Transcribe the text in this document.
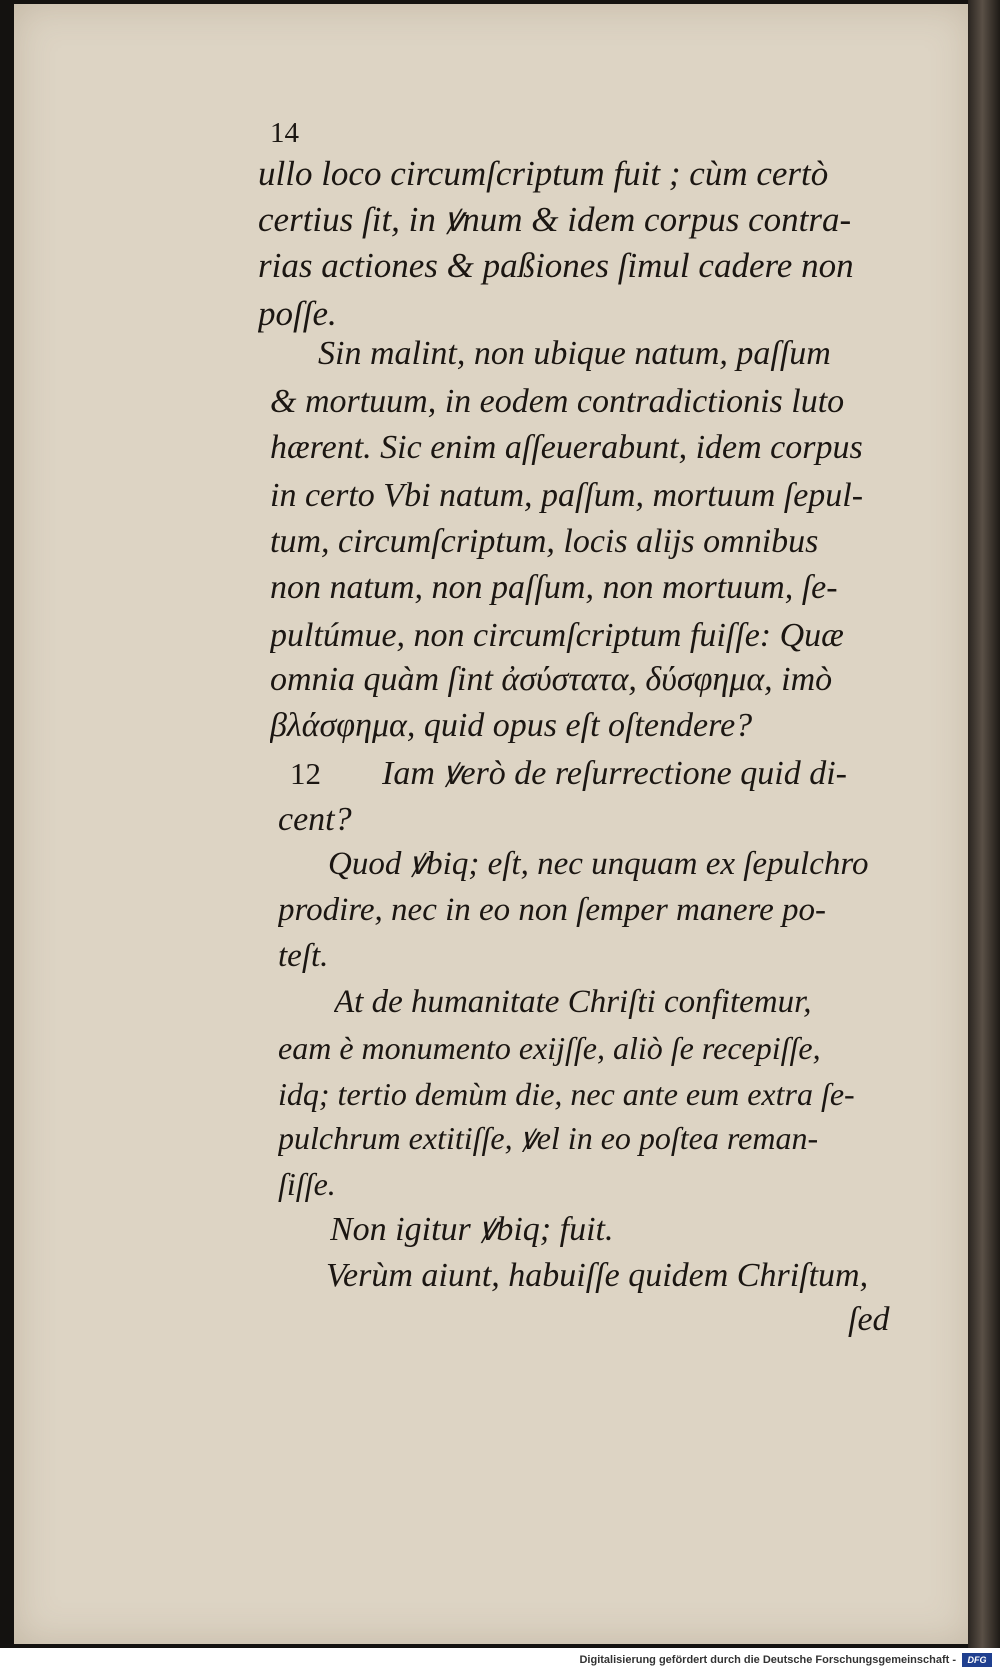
14
ullo loco circumſcriptum fuit ; cùm certò
certius ſit, in ꝟnum & idem corpus contra-
rias actiones & paßiones ſimul cadere non
poſſe.
Sin malint, non ubique natum, paſſum
& mortuum, in eodem contradictionis luto
hærent. Sic enim aſſeuerabunt, idem corpus
in certo Vbi natum, paſſum, mortuum ſepul-
tum, circumſcriptum, locis alijs omnibus
non natum, non paſſum, non mortuum, ſe-
pultúmue, non circumſcriptum fuiſſe: Quæ
omnia quàm ſint ἀσύστατα, δύσφημα, imò
βλάσφημα, quid opus eſt oſtendere?
Iam ꝟerò de reſurrectione quid di-
cent?
Quod ꝟbiq; eſt, nec unquam ex ſepulchro
prodire, nec in eo non ſemper manere po-
teſt.
At de humanitate Chriſti confitemur,
eam è monumento exijſſe, aliò ſe recepiſſe,
idq; tertio demùm die, nec ante eum extra ſe-
pulchrum extitiſſe, ꝟel in eo poſtea reman-
ſiſſe.
Non igitur ꝟbiq; fuit.
Verùm aiunt, habuiſſe quidem Chriſtum,
ſed
12
Digitalisierung gefördert durch die Deutsche Forschungsgemeinschaft -	DFG
